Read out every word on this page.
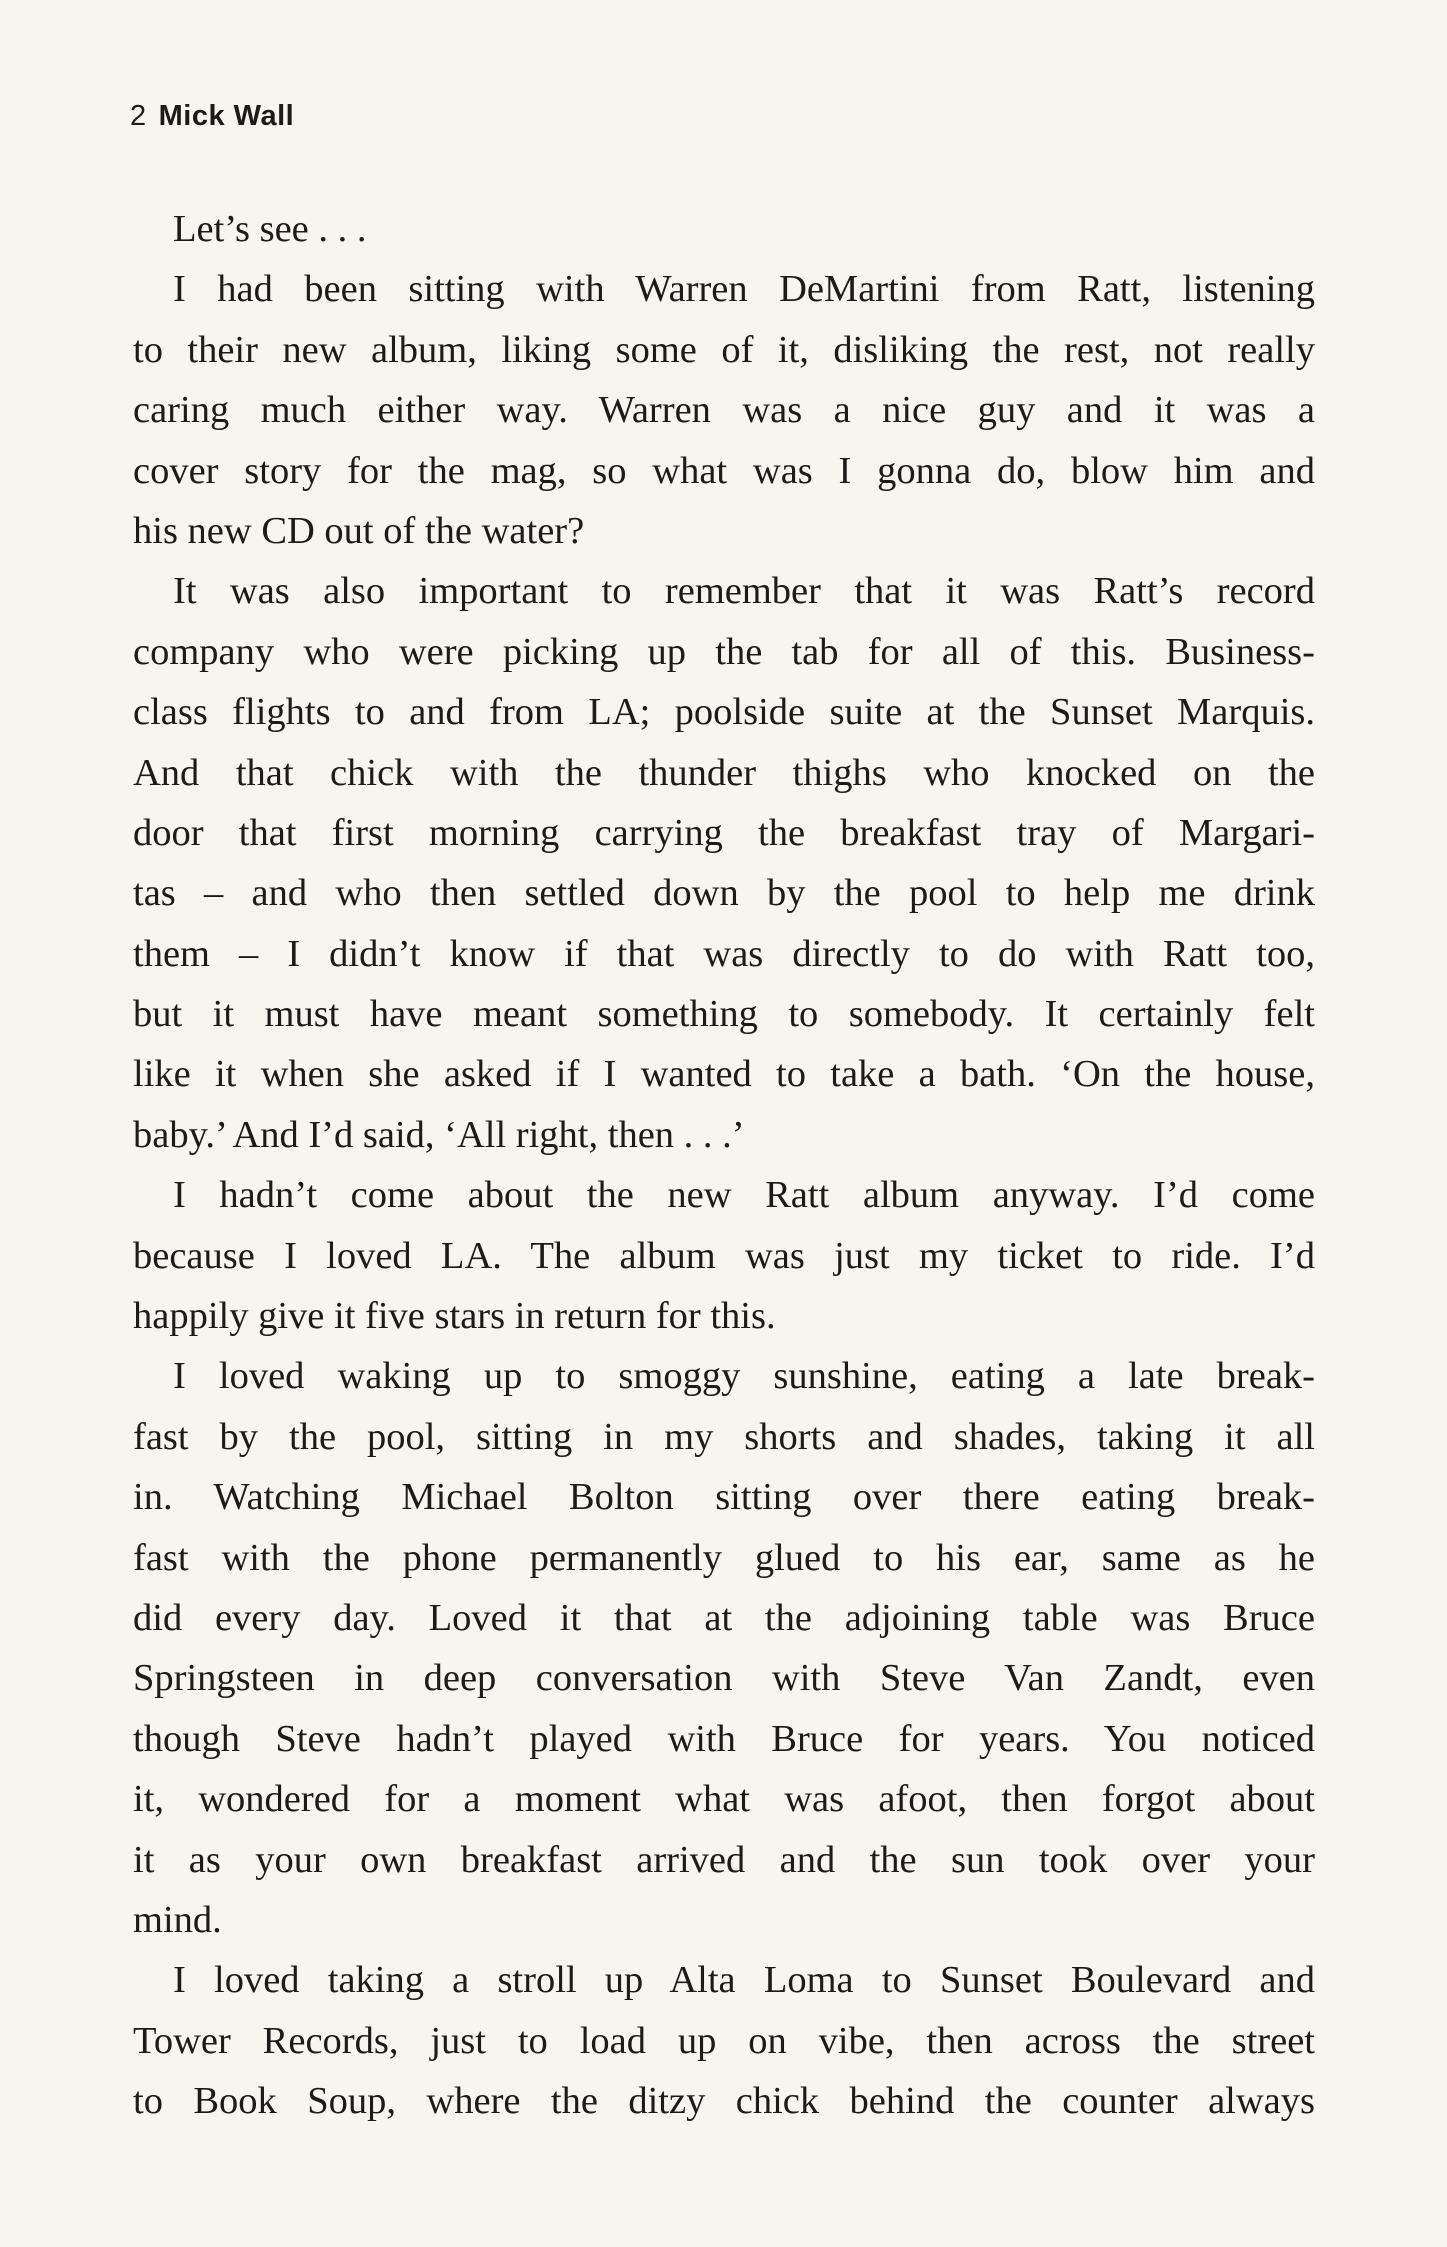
2 Mick Wall
Let’s see . . .
I had been sitting with Warren DeMartini from Ratt, listening
to their new album, liking some of it, disliking the rest, not really
caring much either way. Warren was a nice guy and it was a
cover story for the mag, so what was I gonna do, blow him and
his new CD out of the water?
It was also important to remember that it was Ratt’s record
company who were picking up the tab for all of this. Business-
class flights to and from LA; poolside suite at the Sunset Marquis.
And that chick with the thunder thighs who knocked on the
door that first morning carrying the breakfast tray of Margari-
tas – and who then settled down by the pool to help me drink
them – I didn’t know if that was directly to do with Ratt too,
but it must have meant something to somebody. It certainly felt
like it when she asked if I wanted to take a bath. ‘On the house,
baby.’ And I’d said, ‘All right, then . . .’
I hadn’t come about the new Ratt album anyway. I’d come
because I loved LA. The album was just my ticket to ride. I’d
happily give it five stars in return for this.
I loved waking up to smoggy sunshine, eating a late break-
fast by the pool, sitting in my shorts and shades, taking it all
in. Watching Michael Bolton sitting over there eating break-
fast with the phone permanently glued to his ear, same as he
did every day. Loved it that at the adjoining table was Bruce
Springsteen in deep conversation with Steve Van Zandt, even
though Steve hadn’t played with Bruce for years. You noticed
it, wondered for a moment what was afoot, then forgot about
it as your own breakfast arrived and the sun took over your
mind.
I loved taking a stroll up Alta Loma to Sunset Boulevard and
Tower Records, just to load up on vibe, then across the street
to Book Soup, where the ditzy chick behind the counter always
